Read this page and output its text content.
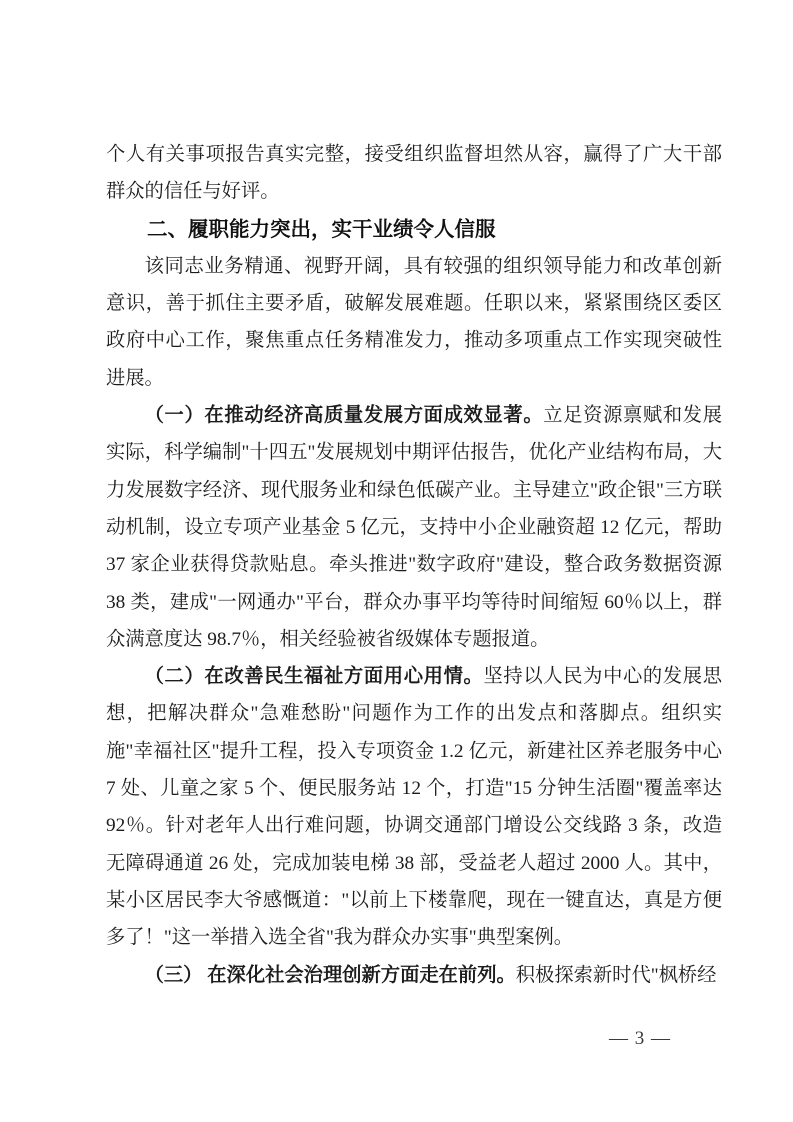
个人有关事项报告真实完整，接受组织监督坦然从容，赢得了广大干部群众的信任与好评。

二、履职能力突出，实干业绩令人信服

该同志业务精通、视野开阔，具有较强的组织领导能力和改革创新意识，善于抓住主要矛盾，破解发展难题。任职以来，紧紧围绕区委区政府中心工作，聚焦重点任务精准发力，推动多项重点工作实现突破性进展。

（一）在推动经济高质量发展方面成效显著。立足资源禀赋和发展实际，科学编制"十四五"发展规划中期评估报告，优化产业结构布局，大力发展数字经济、现代服务业和绿色低碳产业。主导建立"政企银"三方联动机制，设立专项产业基金 5 亿元，支持中小企业融资超 12 亿元，帮助 37 家企业获得贷款贴息。牵头推进"数字政府"建设，整合政务数据资源 38 类，建成"一网通办"平台，群众办事平均等待时间缩短 60％以上，群众满意度达 98.7％，相关经验被省级媒体专题报道。

（二）在改善民生福祉方面用心用情。坚持以人民为中心的发展思想，把解决群众"急难愁盼"问题作为工作的出发点和落脚点。组织实施"幸福社区"提升工程，投入专项资金 1.2 亿元，新建社区养老服务中心 7 处、儿童之家 5 个、便民服务站 12 个，打造"15 分钟生活圈"覆盖率达 92％。针对老年人出行难问题，协调交通部门增设公交线路 3 条，改造无障碍通道 26 处，完成加装电梯 38 部，受益老人超过 2000 人。其中，某小区居民李大爷感慨道："以前上下楼靠爬，现在一键直达，真是方便多了！"这一举措入选全省"我为群众办实事"典型案例。

（三） 在深化社会治理创新方面走在前列。积极探索新时代"枫桥经

— 3 —
